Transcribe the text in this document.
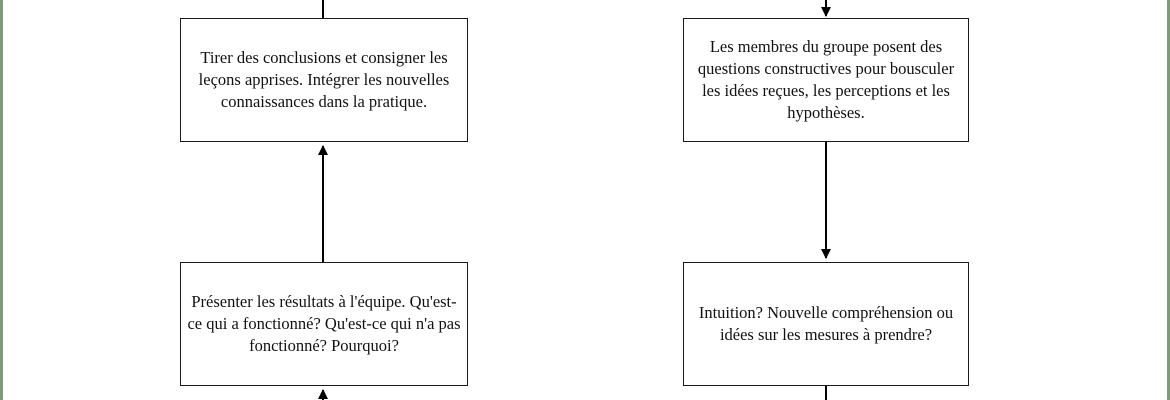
Tirer des conclusions et consigner les leçons apprises. Intégrer les nouvelles connaissances dans la pratique.
Les membres du groupe posent des questions constructives pour bousculer les idées reçues, les perceptions et les hypothèses.
Présenter les résultats à l'équipe. Qu'est-ce qui a fonctionné? Qu'est-ce qui n'a pas fonctionné? Pourquoi?
Intuition? Nouvelle compréhension ou idées sur les mesures à prendre?
